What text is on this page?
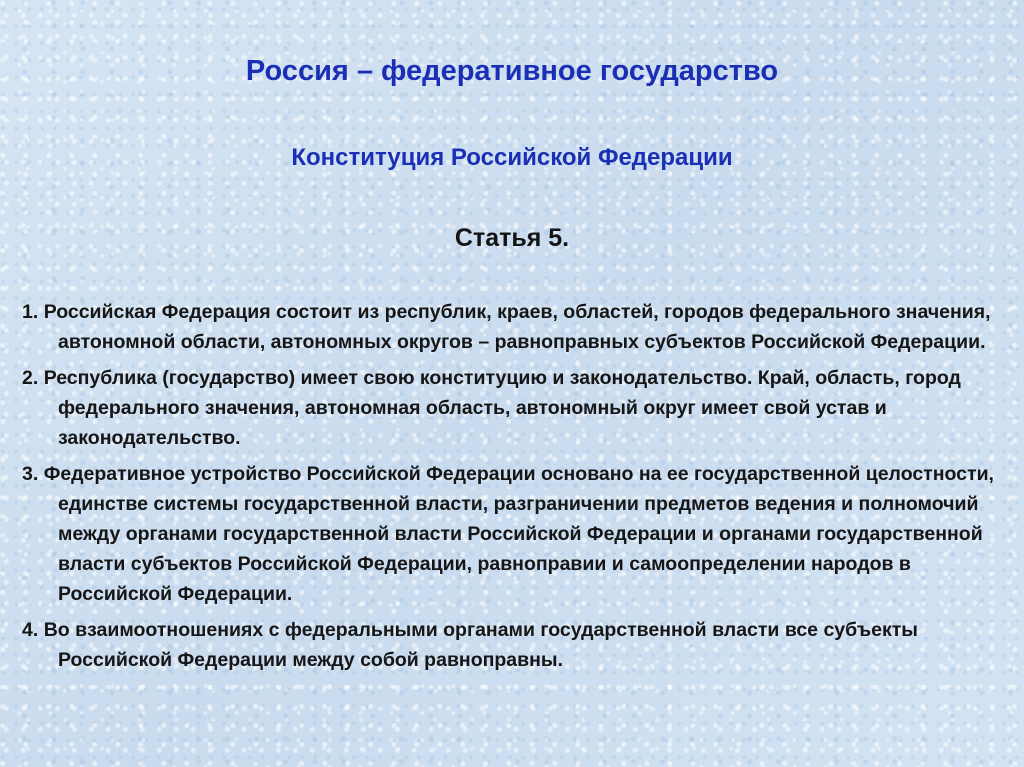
Россия – федеративное государство
Конституция Российской Федерации
Статья 5.
1. Российская Федерация состоит из республик, краев, областей, городов федерального значения, автономной области, автономных округов – равноправных субъектов Российской Федерации.
2. Республика (государство) имеет свою конституцию и законодательство. Край, область, город федерального значения, автономная область, автономный округ имеет свой устав и законодательство.
3. Федеративное устройство Российской Федерации основано на ее государственной целостности, единстве системы государственной власти, разграничении предметов ведения и полномочий между органами государственной власти Российской Федерации и органами государственной власти субъектов Российской Федерации, равноправии и самоопределении народов в Российской Федерации.
4. Во взаимоотношениях с федеральными органами государственной власти все субъекты Российской Федерации между собой равноправны.
